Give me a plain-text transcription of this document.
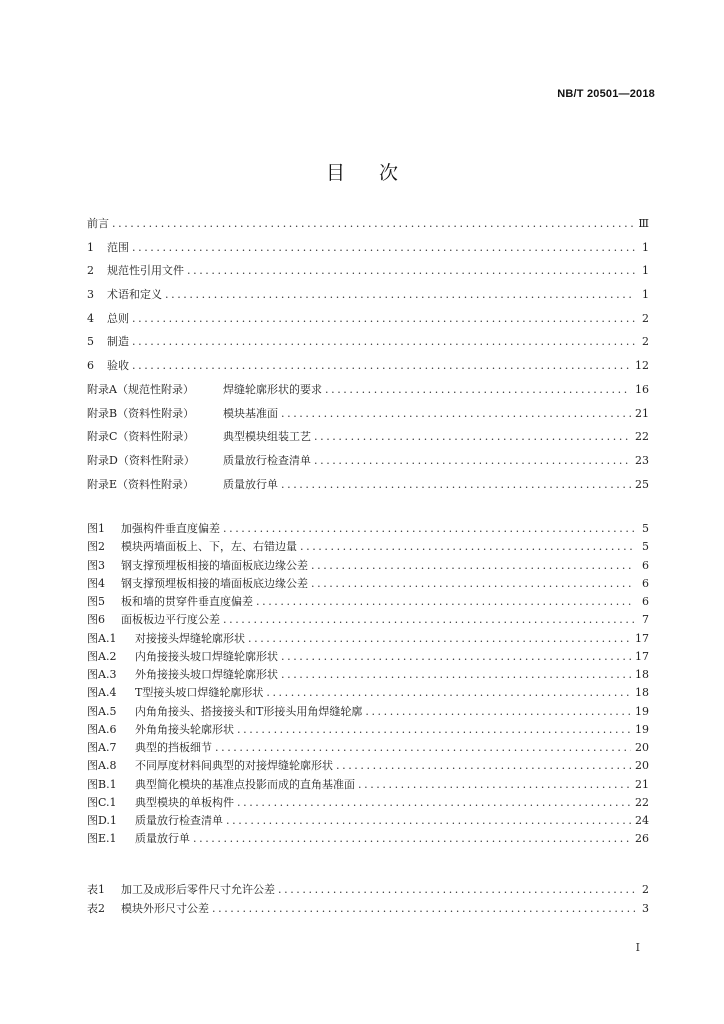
NB/T 20501—2018
目 次
前言 .....	Ⅲ
1 范围 .....	1
2 规范性引用文件 .....	1
3 术语和定义 .....	1
4 总则 .....	2
5 制造 .....	2
6 验收 .....	12
附录A（规范性附录）	焊缝轮廓形状的要求 .....	16
附录B（资料性附录）	模块基准面 .....	21
附录C（资料性附录）	典型模块组装工艺 .....	22
附录D（资料性附录）	质量放行检查清单 .....	23
附录E（资料性附录）	质量放行单 .....	25
图1 加强构件垂直度偏差 .....	5
图2 模块两墙面板上、下，左、右错边量 .....	5
图3 钢支撑预埋板相接的墙面板底边缘公差 .....	6
图4 钢支撑预埋板相接的墙面板底边缘公差 .....	6
图5 板和墙的贯穿件垂直度偏差 .....	6
图6 面板板边平行度公差 .....	7
图A.1 对接接头焊缝轮廓形状 .....	17
图A.2 内角接接头坡口焊缝轮廓形状 .....	17
图A.3 外角接接头坡口焊缝轮廓形状 .....	18
图A.4 T型接头坡口焊缝轮廓形状 .....	18
图A.5 内角角接头、搭接接头和T形接头用角焊缝轮廓 .....	19
图A.6 外角角接头轮廓形状 .....	19
图A.7 典型的挡板细节 .....	20
图A.8 不同厚度材料间典型的对接焊缝轮廓形状 .....	20
图B.1 典型简化模块的基准点投影而成的直角基准面 .....	21
图C.1 典型模块的单板构件 .....	22
图D.1 质量放行检查清单 .....	24
图E.1 质量放行单 .....	26
表1 加工及成形后零件尺寸允许公差 .....	2
表2 模块外形尺寸公差 .....	3
I
